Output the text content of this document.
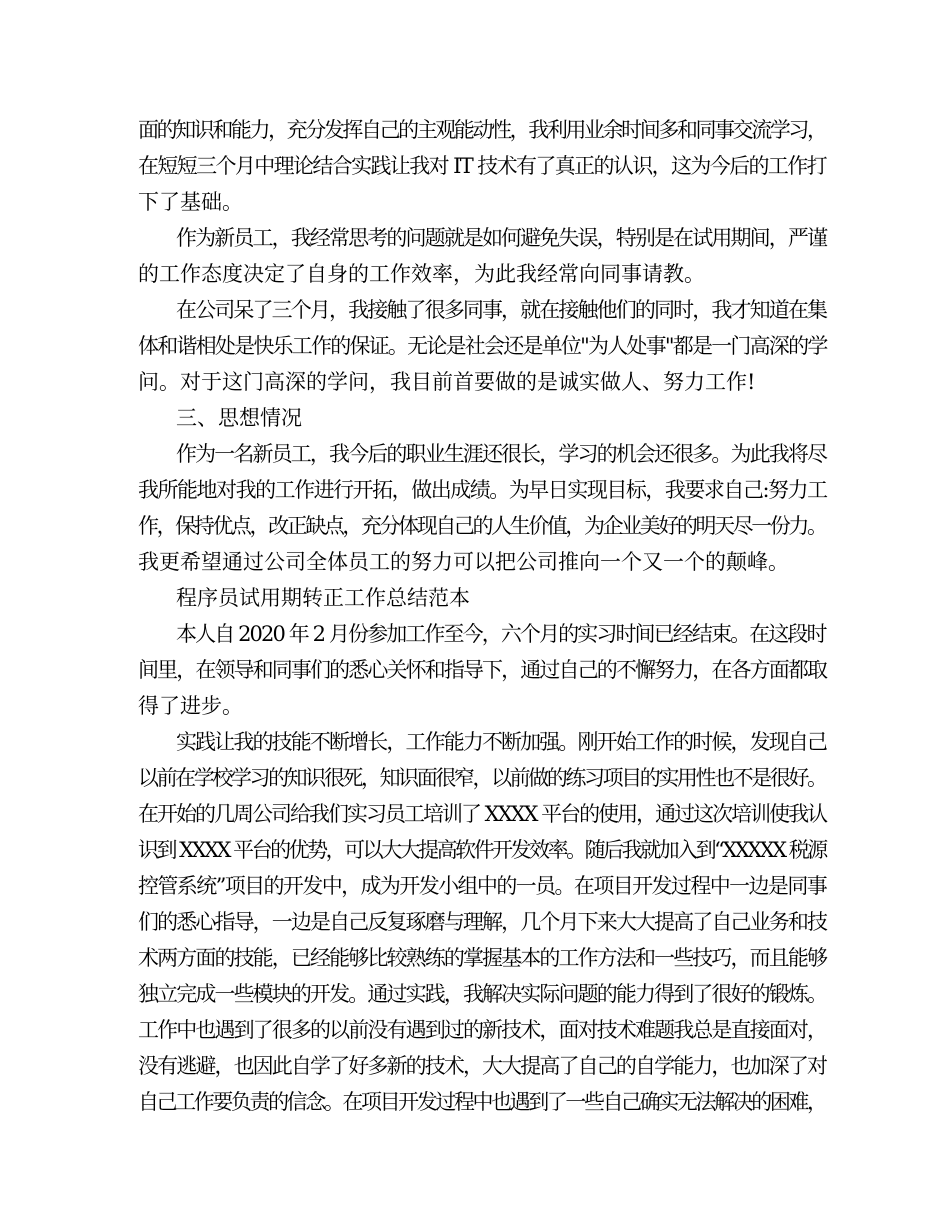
面的知识和能力，充分发挥自己的主观能动性，我利用业余时间多和同事交流学习，
在短短三个月中理论结合实践让我对 IT 技术有了真正的认识，这为今后的工作打
下了基础。
作为新员工，我经常思考的问题就是如何避免失误，特别是在试用期间，严谨
的工作态度决定了自身的工作效率，为此我经常向同事请教。
在公司呆了三个月，我接触了很多同事，就在接触他们的同时，我才知道在集
体和谐相处是快乐工作的保证。无论是社会还是单位"为人处事"都是一门高深的学
问。对于这门高深的学问，我目前首要做的是诚实做人、努力工作!
三、思想情况
作为一名新员工，我今后的职业生涯还很长，学习的机会还很多。为此我将尽
我所能地对我的工作进行开拓，做出成绩。为早日实现目标，我要求自己:努力工
作，保持优点，改正缺点，充分体现自己的人生价值，为企业美好的明天尽一份力。
我更希望通过公司全体员工的努力可以把公司推向一个又一个的颠峰。
程序员试用期转正工作总结范本
本人自 2020 年 2 月份参加工作至今，六个月的实习时间已经结束。在这段时
间里，在领导和同事们的悉心关怀和指导下，通过自己的不懈努力，在各方面都取
得了进步。
实践让我的技能不断增长，工作能力不断加强。刚开始工作的时候，发现自己
以前在学校学习的知识很死，知识面很窄，以前做的练习项目的实用性也不是很好。
在开始的几周公司给我们实习员工培训了 XXXX 平台的使用，通过这次培训使我认
识到 XXXX 平台的优势，可以大大提高软件开发效率。随后我就加入到“XXXXX 税源
控管系统”项目的开发中，成为开发小组中的一员。在项目开发过程中一边是同事
们的悉心指导，一边是自己反复琢磨与理解，几个月下来大大提高了自己业务和技
术两方面的技能，已经能够比较熟练的掌握基本的工作方法和一些技巧，而且能够
独立完成一些模块的开发。通过实践，我解决实际问题的能力得到了很好的锻炼。
工作中也遇到了很多的以前没有遇到过的新技术，面对技术难题我总是直接面对，
没有逃避，也因此自学了好多新的技术，大大提高了自己的自学能力，也加深了对
自己工作要负责的信念。在项目开发过程中也遇到了一些自己确实无法解决的困难，
